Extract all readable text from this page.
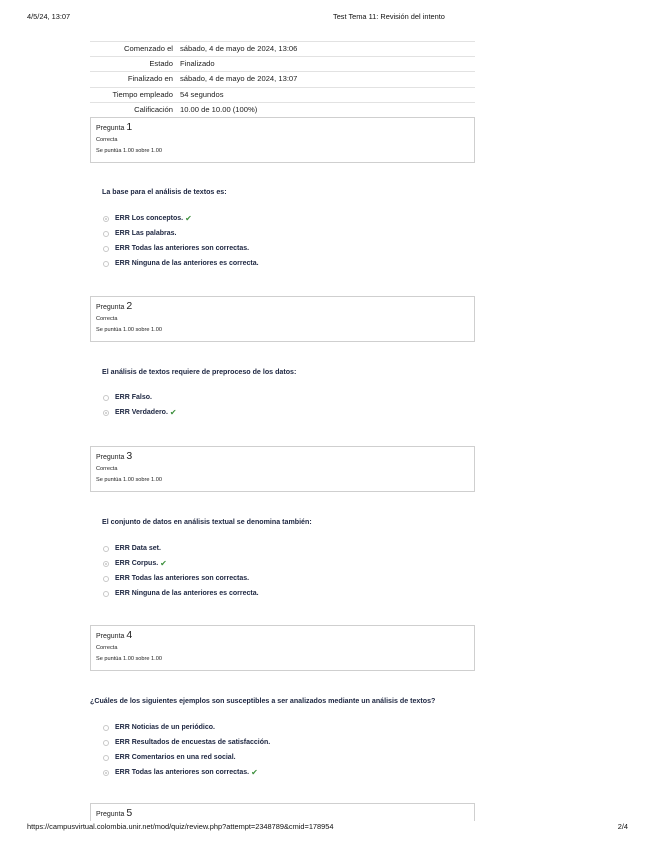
4/5/24, 13:07	Test Tema 11: Revisión del intento
Comenzado el	sábado, 4 de mayo de 2024, 13:06
Estado	Finalizado
Finalizado en	sábado, 4 de mayo de 2024, 13:07
Tiempo empleado	54 segundos
Calificación	10.00 de 10.00 (100%)
Pregunta 1
Correcta
Se puntúa 1.00 sobre 1.00
La base para el análisis de textos es:
ERR Los conceptos. ✔
ERR Las palabras.
ERR Todas las anteriores son correctas.
ERR Ninguna de las anteriores es correcta.
Pregunta 2
Correcta
Se puntúa 1.00 sobre 1.00
El análisis de textos requiere de preproceso de los datos:
ERR Falso.
ERR Verdadero. ✔
Pregunta 3
Correcta
Se puntúa 1.00 sobre 1.00
El conjunto de datos en análisis textual se denomina también:
ERR Data set.
ERR Corpus. ✔
ERR Todas las anteriores son correctas.
ERR Ninguna de las anteriores es correcta.
Pregunta 4
Correcta
Se puntúa 1.00 sobre 1.00
¿Cuáles de los siguientes ejemplos son susceptibles a ser analizados mediante un análisis de textos?
ERR Noticias de un periódico.
ERR Resultados de encuestas de satisfacción.
ERR Comentarios en una red social.
ERR Todas las anteriores son correctas. ✔
Pregunta 5
https://campusvirtual.colombia.unir.net/mod/quiz/review.php?attempt=2348789&cmid=178954	2/4
